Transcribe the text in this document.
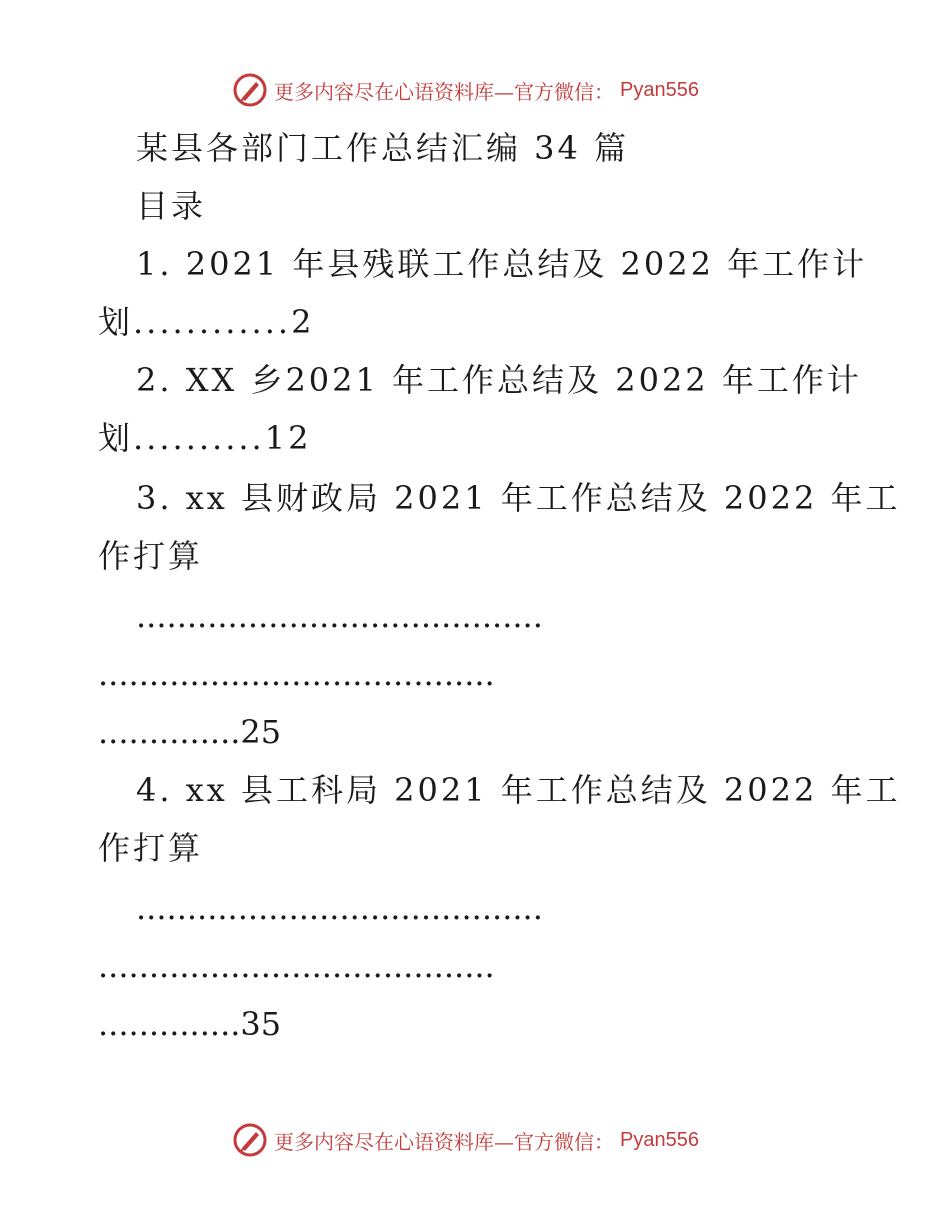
更多内容尽在心语资料库—官方微信： Pyan556
某县各部门工作总结汇编 34 篇
目录
1. 2021 年县残联工作总结及 2022 年工作计
划............2
2. XX 乡2021 年工作总结及 2022 年工作计
划..........12
3. xx 县财政局 2021 年工作总结及 2022 年工
作打算
........................................
.......................................
..............25
4. xx 县工科局 2021 年工作总结及 2022 年工
作打算
........................................
.......................................
..............35
更多内容尽在心语资料库—官方微信： Pyan556
